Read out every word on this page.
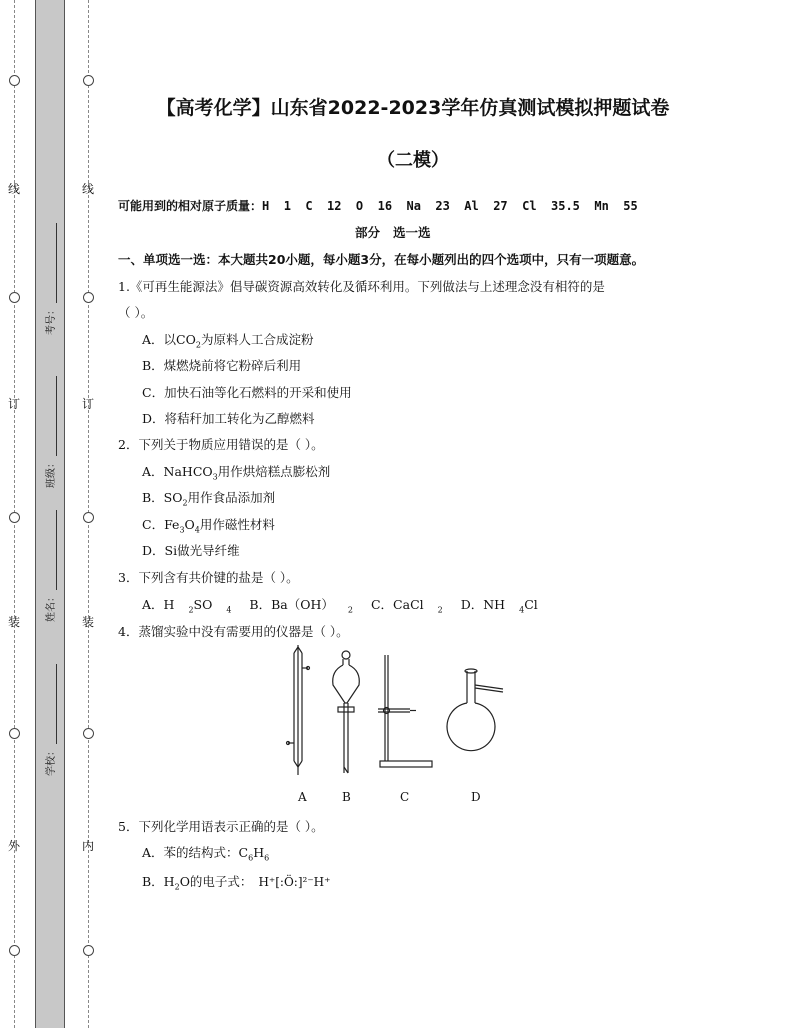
线
订
装
外
线
订
装
内
考号：
班级：
姓名：
学校：
【高考化学】山东省2022-2023学年仿真测试模拟押题试卷
（二模）
可能用到的相对原子质量：H  1  C  12  O  16  Na  23  Al  27  Cl  35.5  Mn  55
部分   选一选
一、单项选一选：本大题共20小题，每小题3分，在每小题列出的四个选项中，只有一项题意。
1.《可再生能源法》倡导碳资源高效转化及循环利用。下列做法与上述理念没有相符的是
（ ）。
A．以$CO_2$为原料人工合成淀粉
B．煤燃烧前将它粉碎后利用
C．加快石油等化石燃料的开采和使用
D．将秸秆加工转化为乙醇燃料
2．下列关于物质应用错误的是（ ）。
A．NaHCO$_3$用作烘焙糕点膨松剂
B．$SO_2$用作食品添加剂
C．$Fe_3O_4$用作磁性材料
D．Si做光导纤维
3．下列含有共价键的盐是（ ）。
A．H $_2$SO $_4$ B．Ba（OH） $_2$ C．CaCl $_2$ D．NH $_4$Cl
4．蒸馏实验中没有需要用的仪器是（ ）。
A	B	C	D
5．下列化学用语表示正确的是（ ）。
A．苯的结构式：$C_6H_6$
B．$H_2O$的电子式： H⁺[:Ö:]²⁻H⁺
